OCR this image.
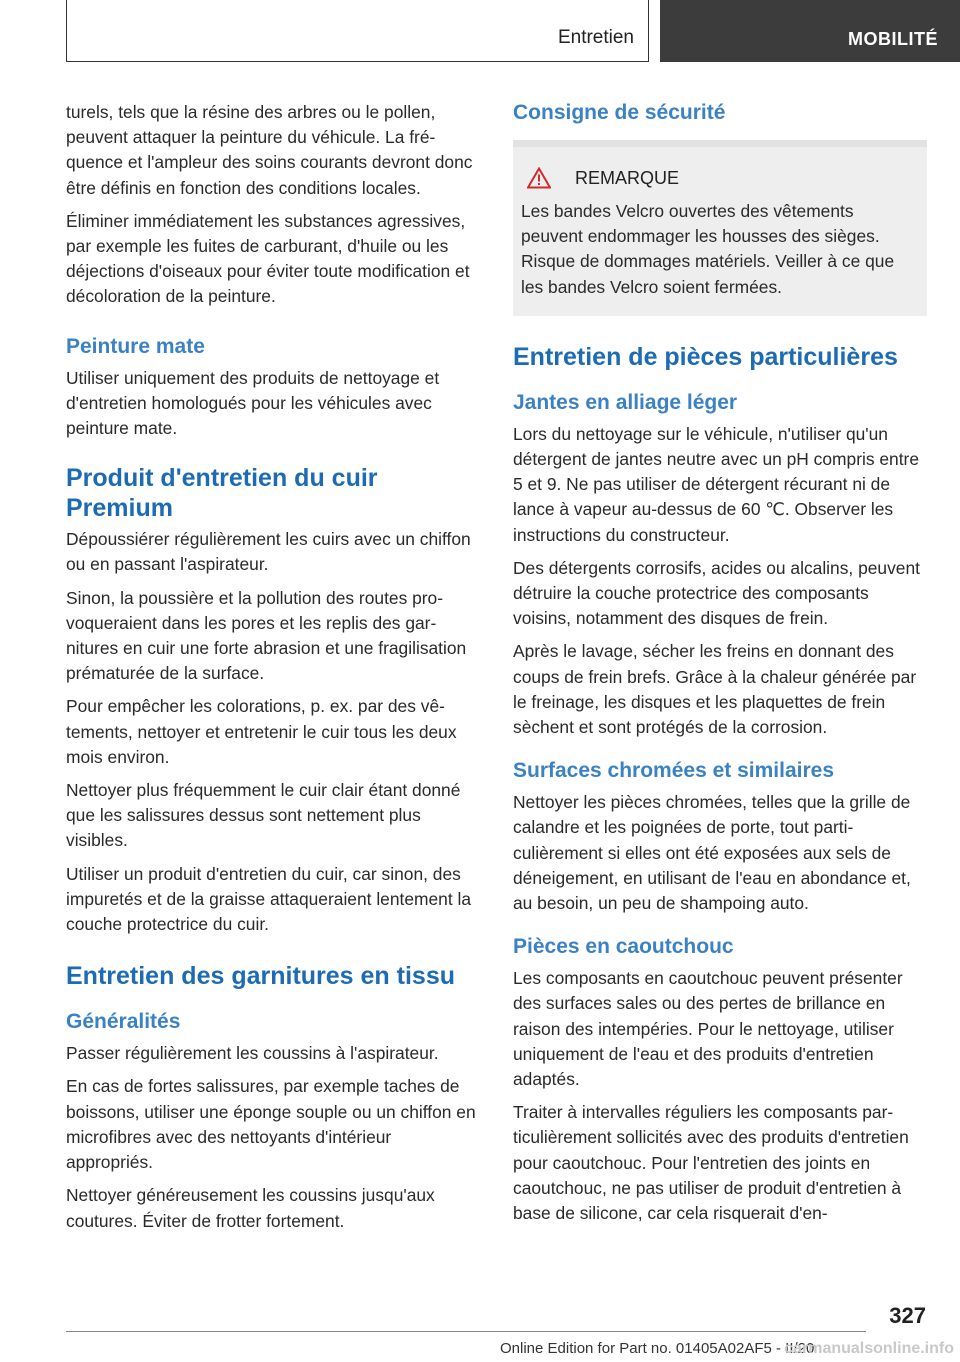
Entretien	MOBILITÉ

turels, tels que la résine des arbres ou le pollen, peuvent attaquer la peinture du véhicule. La fréquence et l'ampleur des soins courants devront donc être définis en fonction des conditions locales.

Éliminer immédiatement les substances agressives, par exemple les fuites de carburant, d'huile ou les déjections d'oiseaux pour éviter toute modification et décoloration de la peinture.

Peinture mate

Utiliser uniquement des produits de nettoyage et d'entretien homologués pour les véhicules avec peinture mate.

Produit d'entretien du cuir Premium

Dépoussiérer régulièrement les cuirs avec un chiffon ou en passant l'aspirateur.

Sinon, la poussière et la pollution des routes provoqueraient dans les pores et les replis des garnitures en cuir une forte abrasion et une fragilisation prématurée de la surface.

Pour empêcher les colorations, p. ex. par des vêtements, nettoyer et entretenir le cuir tous les deux mois environ.

Nettoyer plus fréquemment le cuir clair étant donné que les salissures dessus sont nettement plus visibles.

Utiliser un produit d'entretien du cuir, car sinon, des impuretés et de la graisse attaqueraient lentement la couche protectrice du cuir.

Entretien des garnitures en tissu
Généralités

Passer régulièrement les coussins à l'aspirateur.

En cas de fortes salissures, par exemple taches de boissons, utiliser une éponge souple ou un chiffon en microfibres avec des nettoyants d'intérieur appropriés.

Nettoyer généreusement les coussins jusqu'aux coutures. Éviter de frotter fortement.

Consigne de sécurité
REMARQUE

Les bandes Velcro ouvertes des vêtements peuvent endommager les housses des sièges. Risque de dommages matériels. Veiller à ce que les bandes Velcro soient fermées.

Entretien de pièces particulières
Jantes en alliage léger

Lors du nettoyage sur le véhicule, n'utiliser qu'un détergent de jantes neutre avec un pH compris entre 5 et 9. Ne pas utiliser de détergent récurant ni de lance à vapeur au-dessus de 60 ℃. Observer les instructions du constructeur.

Des détergents corrosifs, acides ou alcalins, peuvent détruire la couche protectrice des composants voisins, notamment des disques de frein.

Après le lavage, sécher les freins en donnant des coups de frein brefs. Grâce à la chaleur générée par le freinage, les disques et les plaquettes de frein sèchent et sont protégés de la corrosion.

Surfaces chromées et similaires

Nettoyer les pièces chromées, telles que la grille de calandre et les poignées de porte, tout particulièrement si elles ont été exposées aux sels de déneigement, en utilisant de l'eau en abondance et, au besoin, un peu de shampoing auto.

Pièces en caoutchouc

Les composants en caoutchouc peuvent présenter des surfaces sales ou des pertes de brillance en raison des intempéries. Pour le nettoyage, utiliser uniquement de l'eau et des produits d'entretien adaptés.

Traiter à intervalles réguliers les composants particulièrement sollicités avec des produits d'entretien pour caoutchouc. Pour l'entretien des joints en caoutchouc, ne pas utiliser de produit d'entretien à base de silicone, car cela risquerait d'en-

327
Online Edition for Part no. 01405A02AF5 - II/20
carmanualsonline.info
